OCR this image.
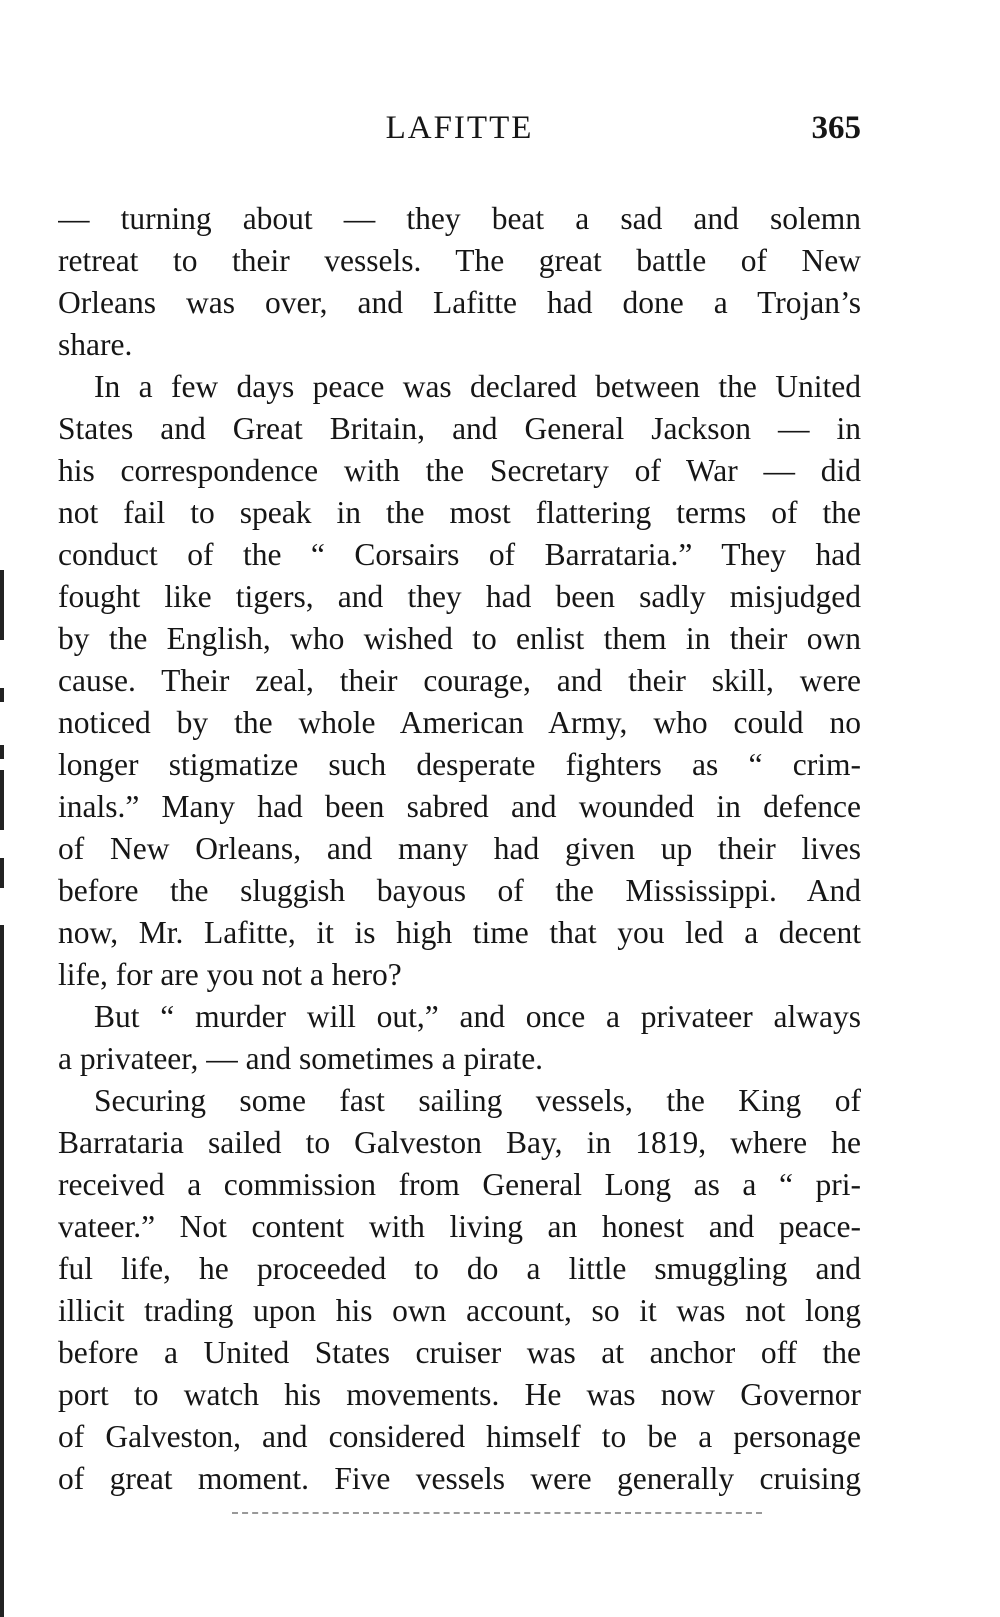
LAFITTE	365
— turning about — they beat a sad and solemn
retreat to their vessels. The great battle of New
Orleans was over, and Lafitte had done a Trojan’s
share.
In a few days peace was declared between the United
States and Great Britain, and General Jackson — in
his correspondence with the Secretary of War — did
not fail to speak in the most flattering terms of the
conduct of the “ Corsairs of Barrataria.” They had
fought like tigers, and they had been sadly misjudged
by the English, who wished to enlist them in their own
cause. Their zeal, their courage, and their skill, were
noticed by the whole American Army, who could no
longer stigmatize such desperate fighters as “ crim-
inals.” Many had been sabred and wounded in defence
of New Orleans, and many had given up their lives
before the sluggish bayous of the Mississippi. And
now, Mr. Lafitte, it is high time that you led a decent
life, for are you not a hero?
But “ murder will out,” and once a privateer always
a privateer, — and sometimes a pirate.
Securing some fast sailing vessels, the King of
Barrataria sailed to Galveston Bay, in 1819, where he
received a commission from General Long as a “ pri-
vateer.” Not content with living an honest and peace-
ful life, he proceeded to do a little smuggling and
illicit trading upon his own account, so it was not long
before a United States cruiser was at anchor off the
port to watch his movements. He was now Governor
of Galveston, and considered himself to be a personage
of great moment. Five vessels were generally cruising
